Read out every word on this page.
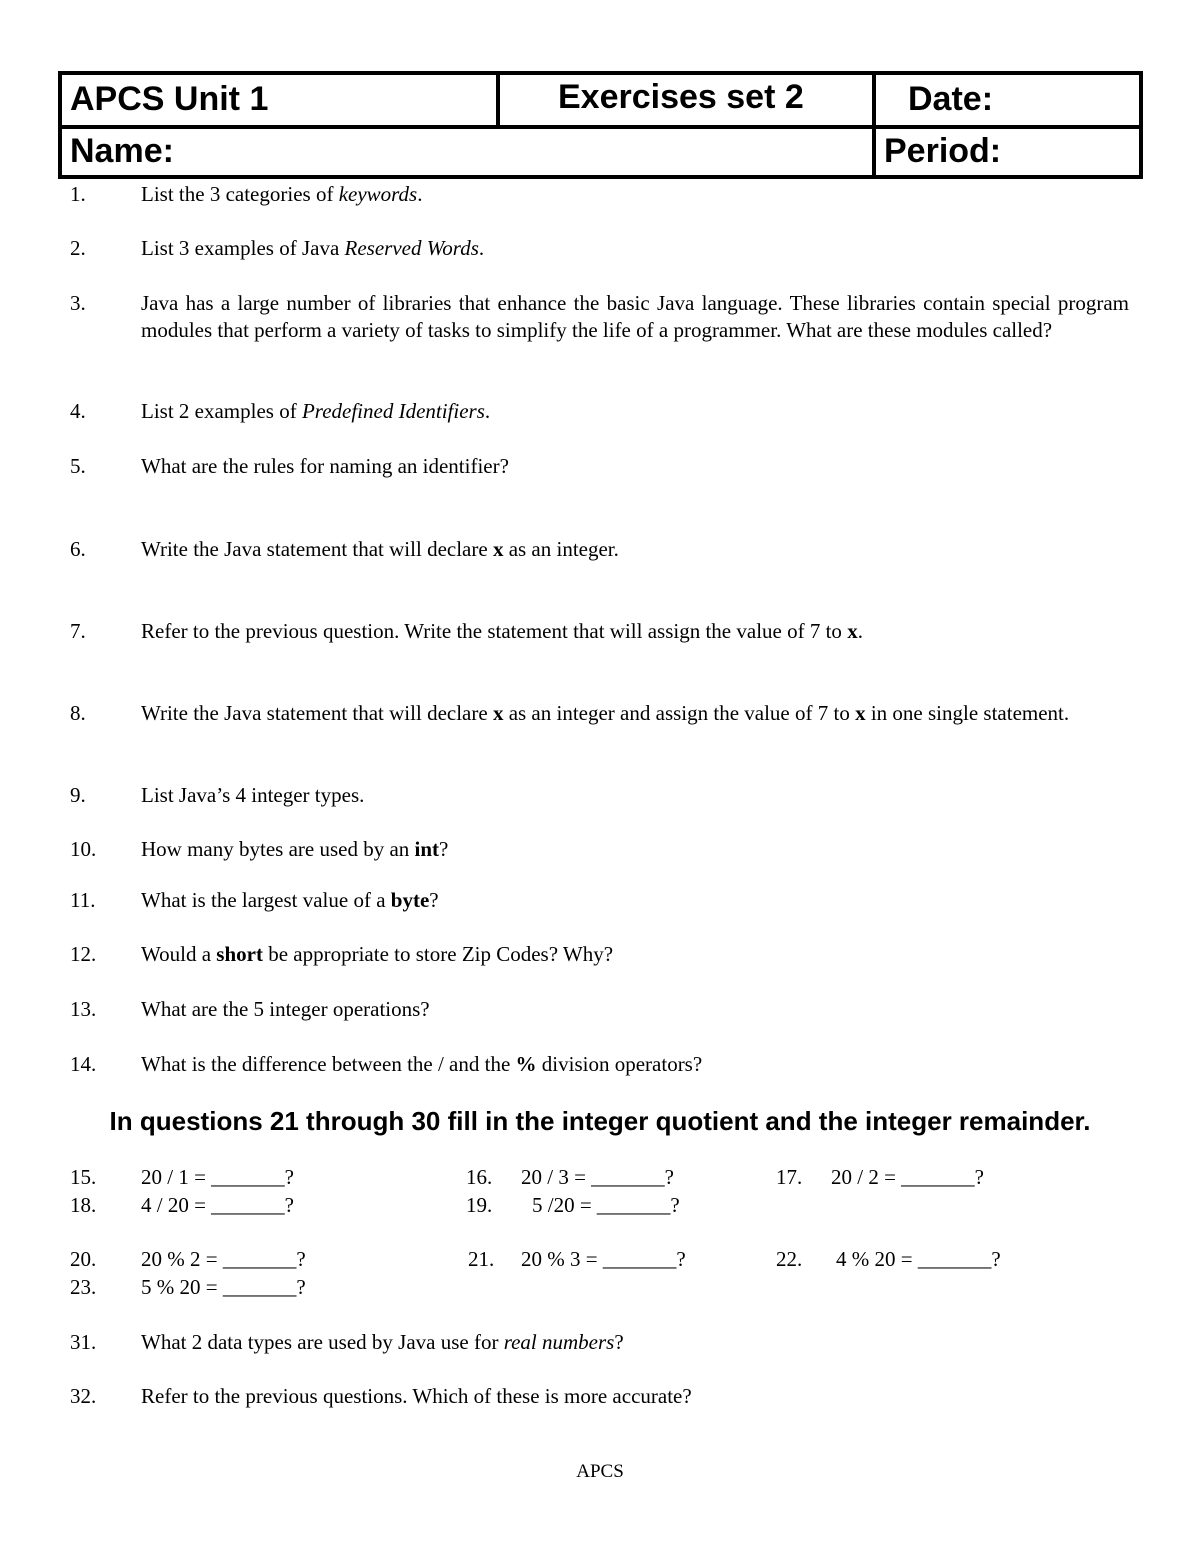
APCS Unit 1	Exercises set 2	Date:
Name:	Period:
1.	List the 3 categories of keywords.
2.	List 3 examples of Java Reserved Words.
3.	Java has a large number of libraries that enhance the basic Java language. These libraries contain special program modules that perform a variety of tasks to simplify the life of a programmer. What are these modules called?
4.	List 2 examples of Predefined Identifiers.
5.	What are the rules for naming an identifier?
6.	Write the Java statement that will declare x as an integer.
7.	Refer to the previous question. Write the statement that will assign the value of 7 to x.
8.	Write the Java statement that will declare x as an integer and assign the value of 7 to x in one single statement.
9.	List Java’s 4 integer types.
10. How many bytes are used by an int?
11. What is the largest value of a byte?
12. Would a short be appropriate to store Zip Codes? Why?
13. What are the 5 integer operations?
14. What is the difference between the / and the % division operators?
In questions 21 through 30 fill in the integer quotient and the integer remainder.
15. 20 / 1 = _______?	16. 20 / 3 = _______?	17. 20 / 2 = _______?
18. 4 / 20 = _______?	19. 5 /20 = _______?
20. 20 % 2 = _______?	21. 20 % 3 = _______?	22. 4 % 20 = _______?
23. 5 % 20 = _______?
31. What 2 data types are used by Java use for real numbers?
32. Refer to the previous questions. Which of these is more accurate?
APCS
